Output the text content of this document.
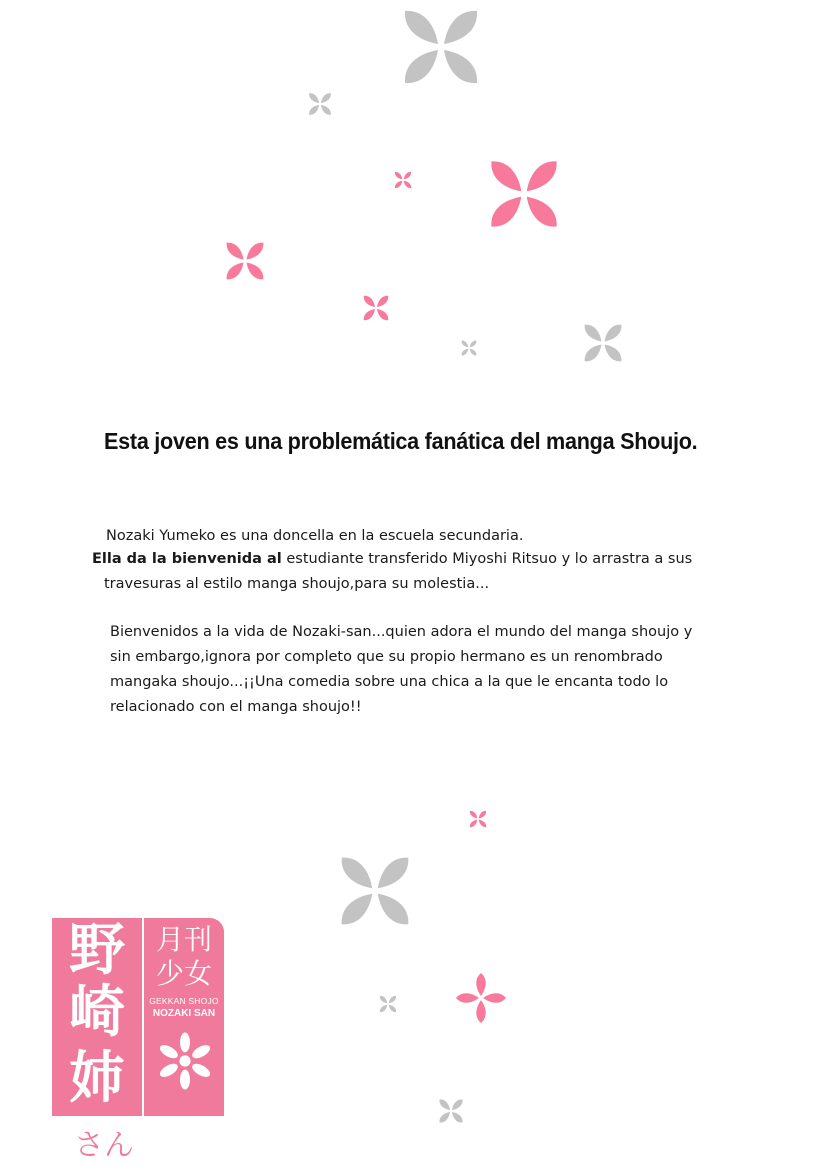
Esta joven es una problemática fanática del manga Shoujo.
Nozaki Yumeko es una doncella en la escuela secundaria.
Ella da la bienvenida al estudiante transferido Miyoshi Ritsuo y lo arrastra a sus
travesuras al estilo manga shoujo,para su molestia...
Bienvenidos a la vida de Nozaki-san...quien adora el mundo del manga shoujo y
sin embargo,ignora por completo que su propio hermano es un renombrado
mangaka shoujo...¡¡Una comedia sobre una chica a la que le encanta todo lo
relacionado con el manga shoujo!!
野
崎
姉
月刊
少女
GEKKAN SHOJO
NOZAKI SAN
さん
